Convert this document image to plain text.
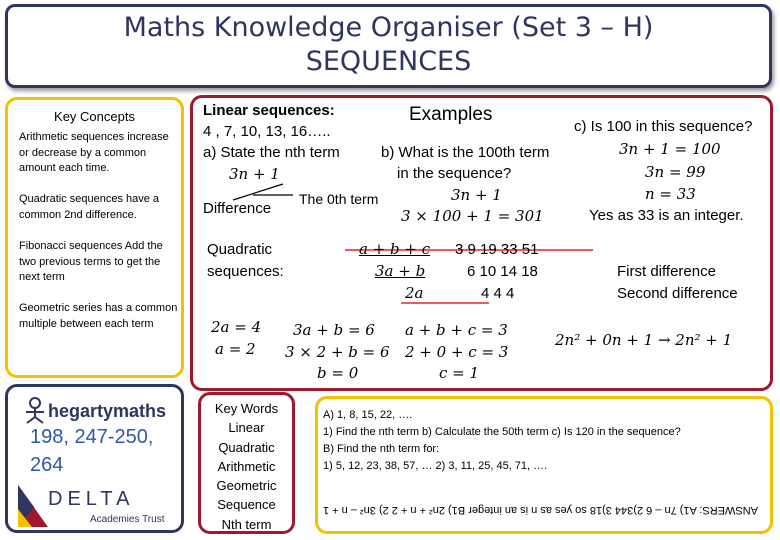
Maths Knowledge Organiser (Set 3 – H)
SEQUENCES
Key Concepts
Arithmetic sequences increase or decrease by a common amount each time.
Quadratic sequences have a common 2nd difference.
Fibonacci sequences Add the two previous terms to get the next term
Geometric series has a common multiple between each term
Examples
Linear sequences:
4 , 7, 10, 13, 16…..
a) State the nth term
3n + 1
b) What is the 100th term
in the sequence?
3n + 1
3 × 100 + 1 = 301
c) Is 100 in this sequence?
3n + 1 = 100
3n = 99
n = 33
Yes as 33 is an integer.
Difference
The 0th term
Quadratic
sequences:
a + b + c 3 9 19 33 51
3a + b	6 10 14 18
2a	4 4 4
First difference
Second difference
2a = 4
a = 2
3a + b = 6
3 × 2 + b = 6
b = 0
a + b + c = 3
2 + 0 + c = 3
c = 1
2n² + 0n + 1 → 2n² + 1
hegartymaths
198, 247-250,
264
DELTA
Academies Trust
Key Words
Linear
Quadratic
Arithmetic
Geometric
Sequence
Nth term
A) 1, 8, 15, 22, ….
1) Find the nth term b) Calculate the 50th term c) Is 120 in the sequence?
B) Find the nth term for:
1) 5, 12, 23, 38, 57, … 2) 3, 11, 25, 45, 71, ….
ANSWERS: A1) 7n – 6 2)344 3)18 so yes as n is an integer B1) 2n² + n + 2 2) 3n² – n + 1
